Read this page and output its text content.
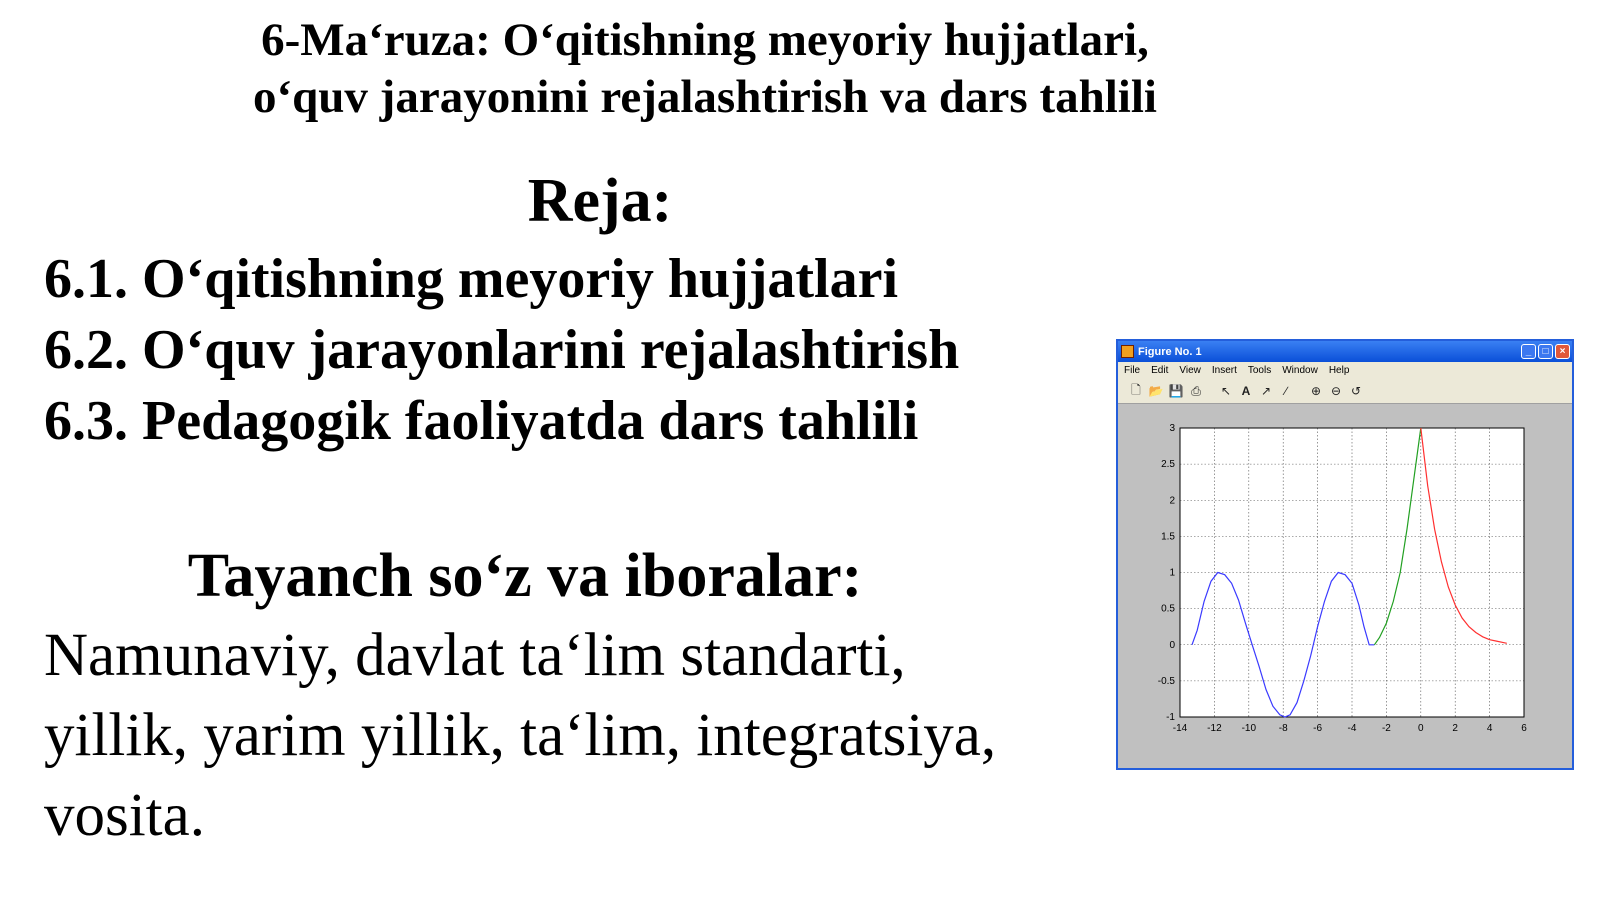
6-Ma‘ruza: O‘qitishning meyoriy hujjatlari,
o‘quv jarayonini rejalashtirish va dars tahlili
Reja:
6.1. O‘qitishning meyoriy hujjatlari
6.2. O‘quv jarayonlarini rejalashtirish
6.3. Pedagogik faoliyatda dars tahlili
Tayanch so‘z va iboralar:

Namunaviy, davlat ta‘lim standarti, yillik, yarim yillik, ta‘lim, integratsiya, vosita.

Figure No. 1	_	□	×
File Edit View Insert Tools Window Help
🗋 📂 💾 ⎙ ↖ A ↗	∕	⊕ ⊖ ↺
-14 -12 -10 -8	-6	-4	-2	0	2	4	6
-1
-0.5
0
0.5
1
1.5
2
2.5
3
